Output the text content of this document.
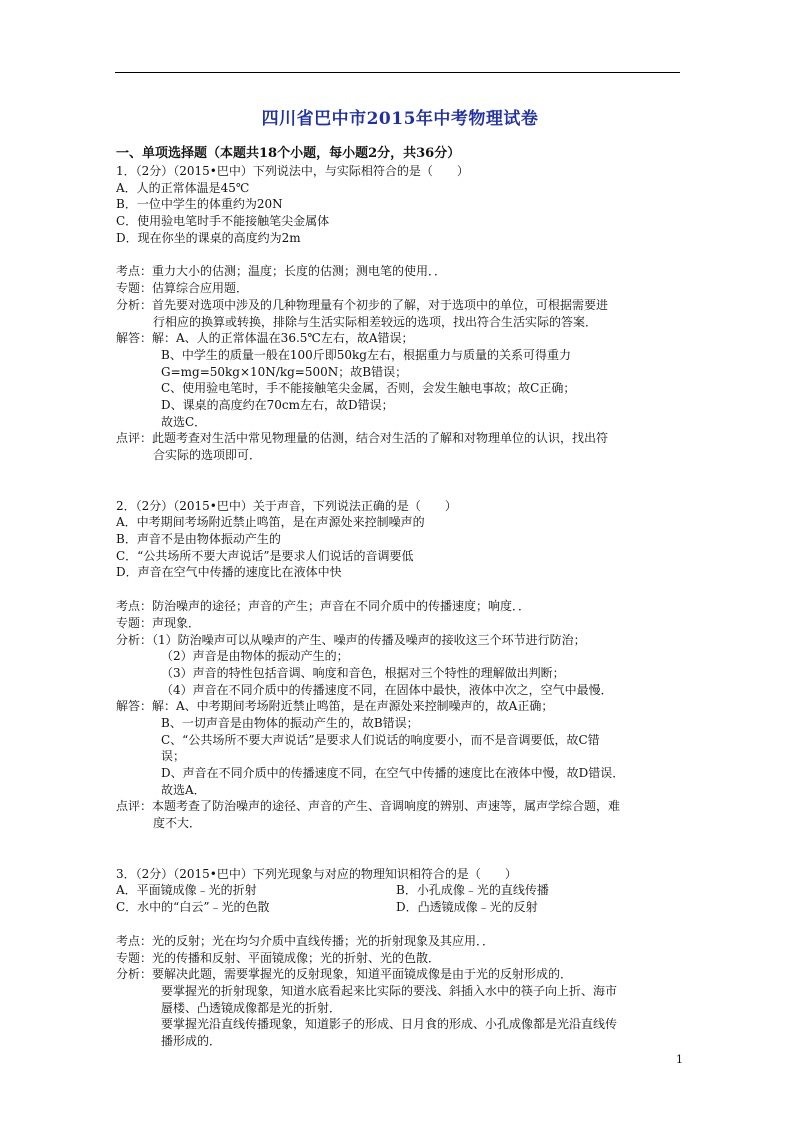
四川省巴中市2015年中考物理试卷
一、单项选择题（本题共18个小题，每小题2分，共36分）
1．（2分）（2015•巴中）下列说法中，与实际相符合的是（　　）
A．人的正常体温是45℃
B．一位中学生的体重约为20N
C．使用验电笔时手不能接触笔尖金属体
D．现在你坐的课桌的高度约为2m
考点：重力大小的估测；温度；长度的估测；测电笔的使用．．
专题：估算综合应用题．
分析：首先要对选项中涉及的几种物理量有个初步的了解，对于选项中的单位，可根据需要进
行相应的换算或转换，排除与生活实际相差较远的选项，找出符合生活实际的答案．
解答：解：A、人的正常体温在36.5℃左右，故A错误；
B、中学生的质量一般在100斤即50kg左右，根据重力与质量的关系可得重力
G=mg=50kg×10N/kg=500N；故B错误；
C、使用验电笔时，手不能接触笔尖金属，否则，会发生触电事故；故C正确；
D、课桌的高度约在70cm左右，故D错误；
故选C．
点评：此题考查对生活中常见物理量的估测，结合对生活的了解和对物理单位的认识，找出符
合实际的选项即可．
2．（2分）（2015•巴中）关于声音，下列说法正确的是（　　）
A．中考期间考场附近禁止鸣笛，是在声源处来控制噪声的
B．声音不是由物体振动产生的
C．“公共场所不要大声说话”是要求人们说话的音调要低
D．声音在空气中传播的速度比在液体中快
考点：防治噪声的途径；声音的产生；声音在不同介质中的传播速度；响度．．
专题：声现象．
分析：（1）防治噪声可以从噪声的产生、噪声的传播及噪声的接收这三个环节进行防治；
（2）声音是由物体的振动产生的；
（3）声音的特性包括音调、响度和音色，根据对三个特性的理解做出判断；
（4）声音在不同介质中的传播速度不同，在固体中最快，液体中次之，空气中最慢．
解答：解：A、中考期间考场附近禁止鸣笛，是在声源处来控制噪声的，故A正确；
B、一切声音是由物体的振动产生的，故B错误；
C、“公共场所不要大声说话”是要求人们说话的响度要小，而不是音调要低，故C错
误；
D、声音在不同介质中的传播速度不同，在空气中传播的速度比在液体中慢，故D错误．
故选A．
点评：本题考查了防治噪声的途径、声音的产生、音调响度的辨别、声速等，属声学综合题，难
度不大．
3．（2分）（2015•巴中）下列光现象与对应的物理知识相符合的是（　　）
A．平面镜成像﹣光的折射	B．小孔成像﹣光的直线传播
C．水中的“白云”﹣光的色散	D．凸透镜成像﹣光的反射
考点：光的反射；光在均匀介质中直线传播；光的折射现象及其应用．．
专题：光的传播和反射、平面镜成像；光的折射、光的色散．
分析：要解决此题，需要掌握光的反射现象，知道平面镜成像是由于光的反射形成的．
要掌握光的折射现象，知道水底看起来比实际的要浅、斜插入水中的筷子向上折、海市
蜃楼、凸透镜成像都是光的折射．
要掌握光沿直线传播现象，知道影子的形成、日月食的形成、小孔成像都是光沿直线传
播形成的．
1
